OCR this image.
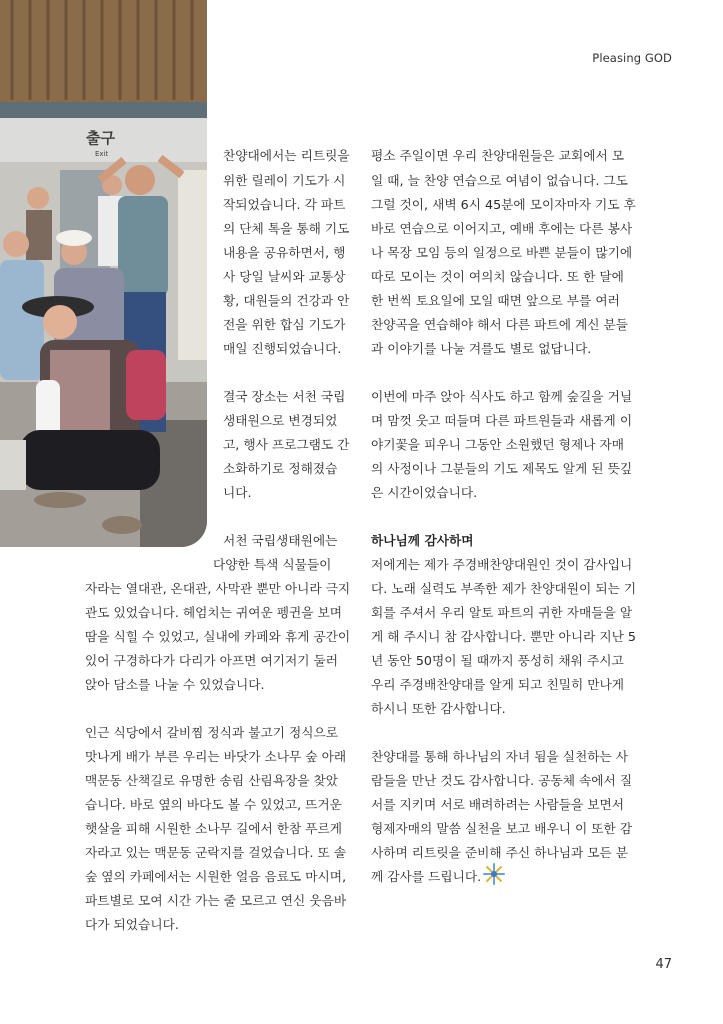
출구
Exit
Pleasing GOD
찬양대에서는 리트릿을
위한 릴레이 기도가 시
작되었습니다. 각 파트
의 단체 톡을 통해 기도
내용을 공유하면서, 행
사 당일 날씨와 교통상
황, 대원들의 건강과 안
전을 위한 합심 기도가
매일 진행되었습니다.
결국 장소는 서천 국립
생태원으로 변경되었
고, 행사 프로그램도 간
소화하기로 정해졌습
니다.
서천 국립생태원에는
다양한 특색 식물들이
자라는 열대관, 온대관, 사막관 뿐만 아니라 극지
관도 있었습니다. 헤엄치는 귀여운 펭귄을 보며
땀을 식힐 수 있었고, 실내에 카페와 휴게 공간이
있어 구경하다가 다리가 아프면 여기저기 둘러
앉아 담소를 나눌 수 있었습니다.
인근 식당에서 갈비찜 정식과 불고기 정식으로
맛나게 배가 부른 우리는 바닷가 소나무 숲 아래
맥문동 산책길로 유명한 송림 산림욕장을 찾았
습니다. 바로 옆의 바다도 볼 수 있었고, 뜨거운
햇살을 피해 시원한 소나무 길에서 한참 푸르게
자라고 있는 맥문동 군락지를 걸었습니다. 또 솔
숲 옆의 카페에서는 시원한 얼음 음료도 마시며,
파트별로 모여 시간 가는 줄 모르고 연신 웃음바
다가 되었습니다.
평소 주일이면 우리 찬양대원들은 교회에서 모
일 때, 늘 찬양 연습으로 여념이 없습니다. 그도
그럴 것이, 새벽 6시 45분에 모이자마자 기도 후
바로 연습으로 이어지고, 예배 후에는 다른 봉사
나 목장 모임 등의 일정으로 바쁜 분들이 많기에
따로 모이는 것이 여의치 않습니다. 또 한 달에
한 번씩 토요일에 모일 때면 앞으로 부를 여러
찬양곡을 연습해야 해서 다른 파트에 계신 분들
과 이야기를 나눌 겨를도 별로 없답니다.
이번에 마주 앉아 식사도 하고 함께 숲길을 거닐
며 맘껏 웃고 떠들며 다른 파트원들과 새롭게 이
야기꽃을 피우니 그동안 소원했던 형제나 자매
의 사정이나 그분들의 기도 제목도 알게 된 뜻깊
은 시간이었습니다.
하나님께 감사하며
저에게는 제가 주경배찬양대원인 것이 감사입니
다. 노래 실력도 부족한 제가 찬양대원이 되는 기
회를 주셔서 우리 알토 파트의 귀한 자매들을 알
게 해 주시니 참 감사합니다. 뿐만 아니라 지난 5
년 동안 50명이 될 때까지 풍성히 채워 주시고
우리 주경배찬양대를 알게 되고 친밀히 만나게
하시니 또한 감사합니다.
찬양대를 통해 하나님의 자녀 됨을 실천하는 사
람들을 만난 것도 감사합니다. 공동체 속에서 질
서를 지키며 서로 배려하려는 사람들을 보면서
형제자매의 말씀 실천을 보고 배우니 이 또한 감
사하며 리트릿을 준비해 주신 하나님과 모든 분
께 감사를 드립니다.
47
